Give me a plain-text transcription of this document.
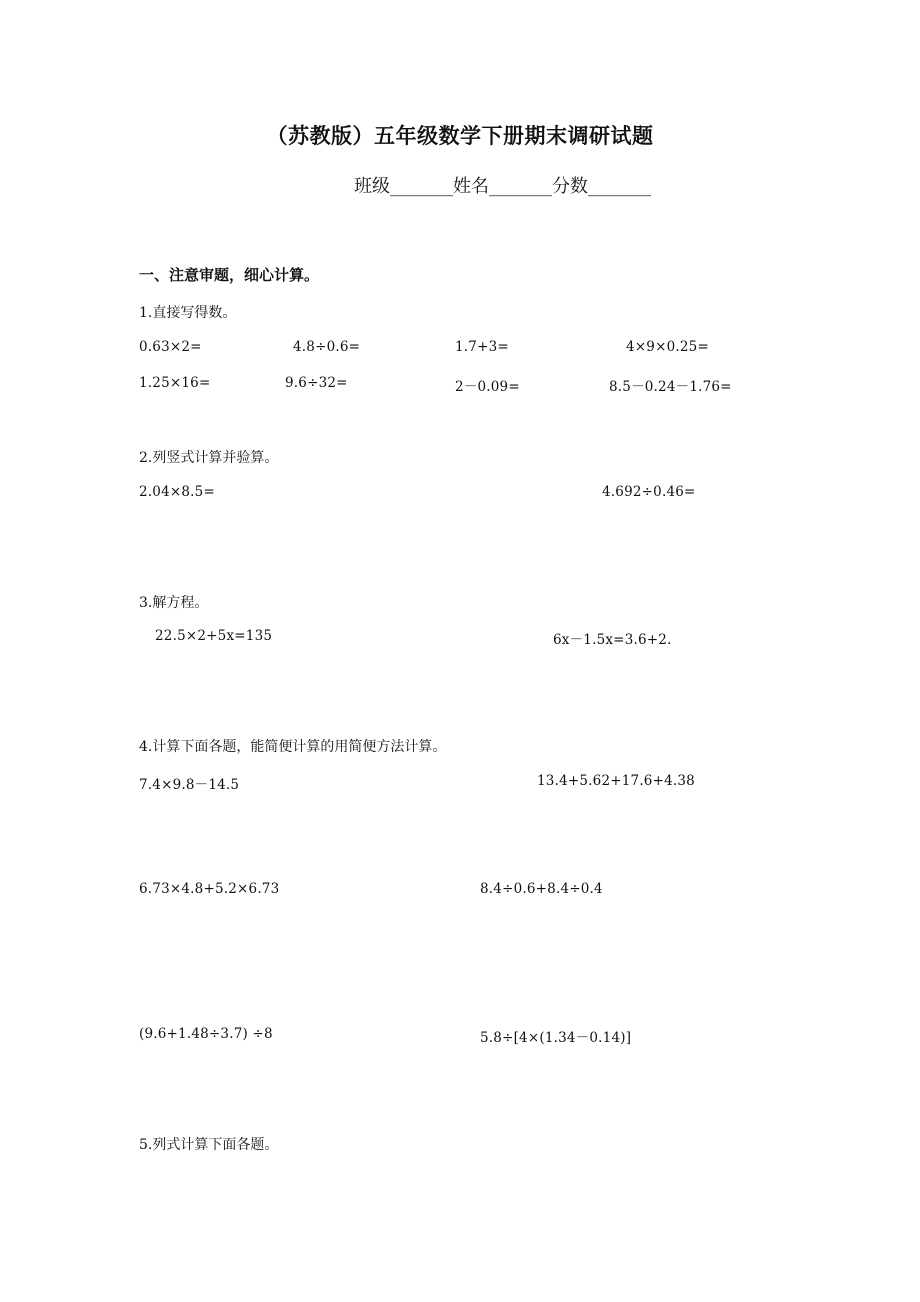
（苏教版）五年级数学下册期末调研试题
班级_______姓名_______分数_______
一、注意审题，细心计算。
1.直接写得数。
0.63×2=	4.8÷0.6=	1.7+3=	4×9×0.25=
1.25×16=	9.6÷32=	2－0.09=	8.5－0.24－1.76=
2.列竖式计算并验算。
2.04×8.5=	4.692÷0.46=
3.解方程。
22.5×2+5x=135	6x－1.5x=3.6+2.
4.计算下面各题，能简便计算的用简便方法计算。
7.4×9.8－14.5	13.4+5.62+17.6+4.38
6.73×4.8+5.2×6.73	8.4÷0.6+8.4÷0.4
(9.6+1.48÷3.7) ÷8	5.8÷[4×(1.34－0.14)]
5.列式计算下面各题。
